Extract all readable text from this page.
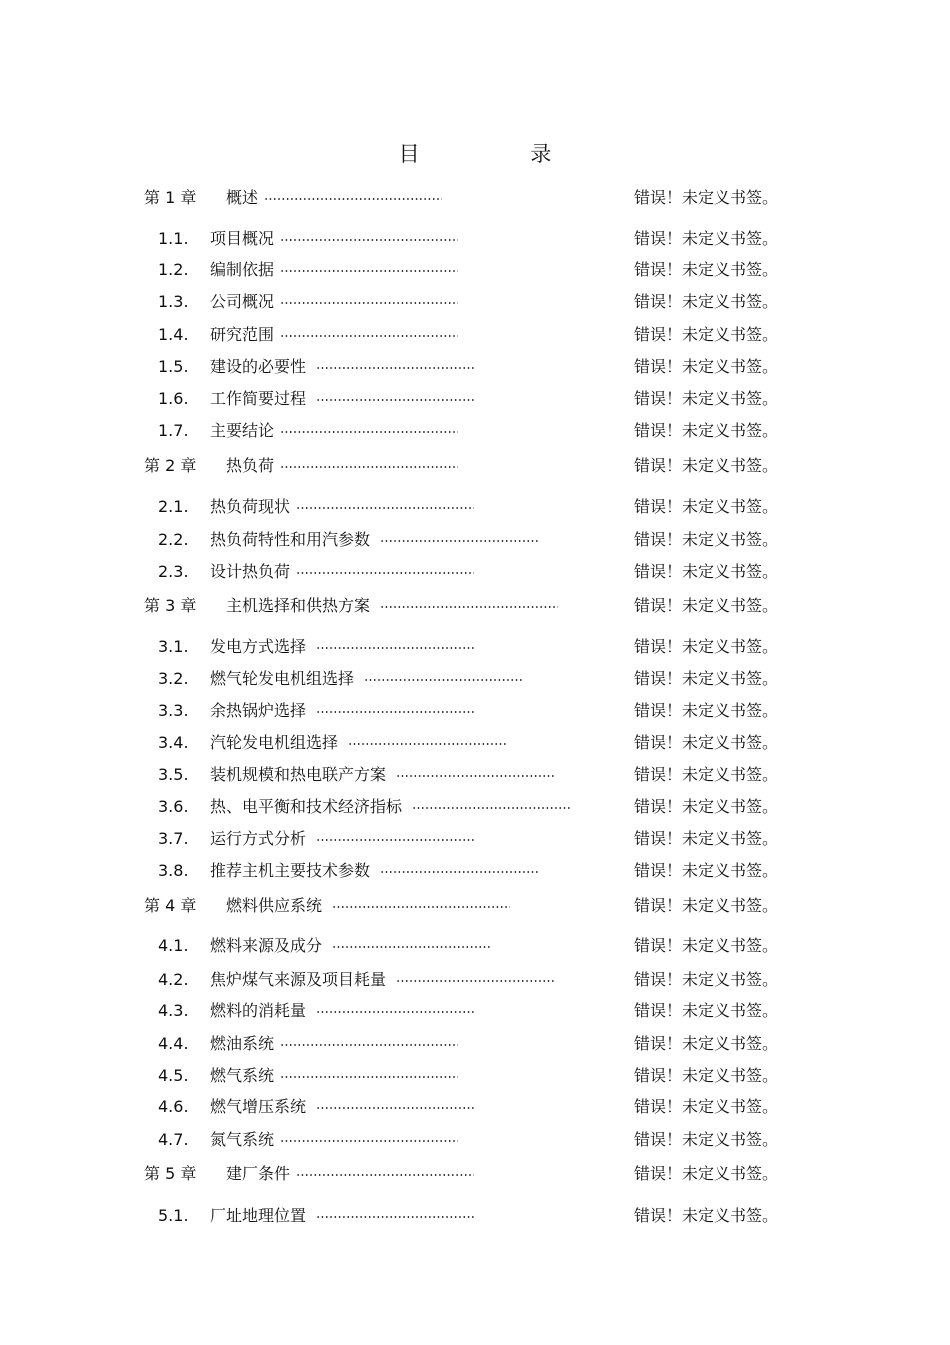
目 录
第 1 章 概述	错误！未定义书签。
1.1. 项目概况	错误！未定义书签。
1.2. 编制依据	错误！未定义书签。
1.3. 公司概况	错误！未定义书签。
1.4. 研究范围	错误！未定义书签。
1.5. 建设的必要性	错误！未定义书签。
1.6. 工作简要过程	错误！未定义书签。
1.7. 主要结论	错误！未定义书签。
第 2 章 热负荷	错误！未定义书签。
2.1. 热负荷现状	错误！未定义书签。
2.2. 热负荷特性和用汽参数	错误！未定义书签。
2.3. 设计热负荷	错误！未定义书签。
第 3 章 主机选择和供热方案	错误！未定义书签。
3.1. 发电方式选择	错误！未定义书签。
3.2. 燃气轮发电机组选择	错误！未定义书签。
3.3. 余热锅炉选择	错误！未定义书签。
3.4. 汽轮发电机组选择	错误！未定义书签。
3.5. 装机规模和热电联产方案	错误！未定义书签。
3.6. 热、电平衡和技术经济指标	错误！未定义书签。
3.7. 运行方式分析	错误！未定义书签。
3.8. 推荐主机主要技术参数	错误！未定义书签。
第 4 章 燃料供应系统	错误！未定义书签。
4.1. 燃料来源及成分	错误！未定义书签。
4.2. 焦炉煤气来源及项目耗量	错误！未定义书签。
4.3. 燃料的消耗量	错误！未定义书签。
4.4. 燃油系统	错误！未定义书签。
4.5. 燃气系统	错误！未定义书签。
4.6. 燃气增压系统	错误！未定义书签。
4.7. 氮气系统	错误！未定义书签。
第 5 章 建厂条件	错误！未定义书签。
5.1. 厂址地理位置	错误！未定义书签。
